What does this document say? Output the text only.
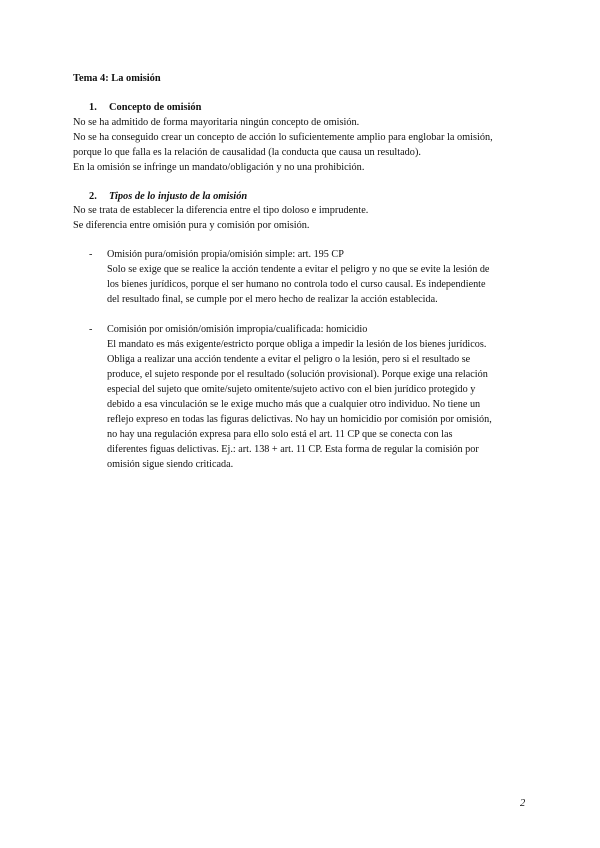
Tema 4: La omisión
1. Concepto de omisión
No se ha admitido de forma mayoritaria ningún concepto de omisión.
No se ha conseguido crear un concepto de acción lo suficientemente amplio para englobar la omisión,
porque lo que falla es la relación de causalidad (la conducta que causa un resultado).
En la omisión se infringe un mandato/obligación y no una prohibición.
2. Tipos de lo injusto de la omisión
No se trata de establecer la diferencia entre el tipo doloso e imprudente.
Se diferencia entre omisión pura y comisión por omisión.
- Omisión pura/omisión propia/omisión simple: art. 195 CP
Solo se exige que se realice la acción tendente a evitar el peligro y no que se evite la lesión de
los bienes jurídicos, porque el ser humano no controla todo el curso causal. Es independiente
del resultado final, se cumple por el mero hecho de realizar la acción establecida.
- Comisión por omisión/omisión impropia/cualificada: homicidio
El mandato es más exigente/estricto porque obliga a impedir la lesión de los bienes jurídicos.
Obliga a realizar una acción tendente a evitar el peligro o la lesión, pero si el resultado se
produce, el sujeto responde por el resultado (solución provisional). Porque exige una relación
especial del sujeto que omite/sujeto omitente/sujeto activo con el bien jurídico protegido y
debido a esa vinculación se le exige mucho más que a cualquier otro individuo. No tiene un
reflejo expreso en todas las figuras delictivas. No hay un homicidio por comisión por omisión,
no hay una regulación expresa para ello solo está el art. 11 CP que se conecta con las
diferentes figuas delictivas. Ej.: art. 138 + art. 11 CP. Esta forma de regular la comisión por
omisión sigue siendo criticada.
2
